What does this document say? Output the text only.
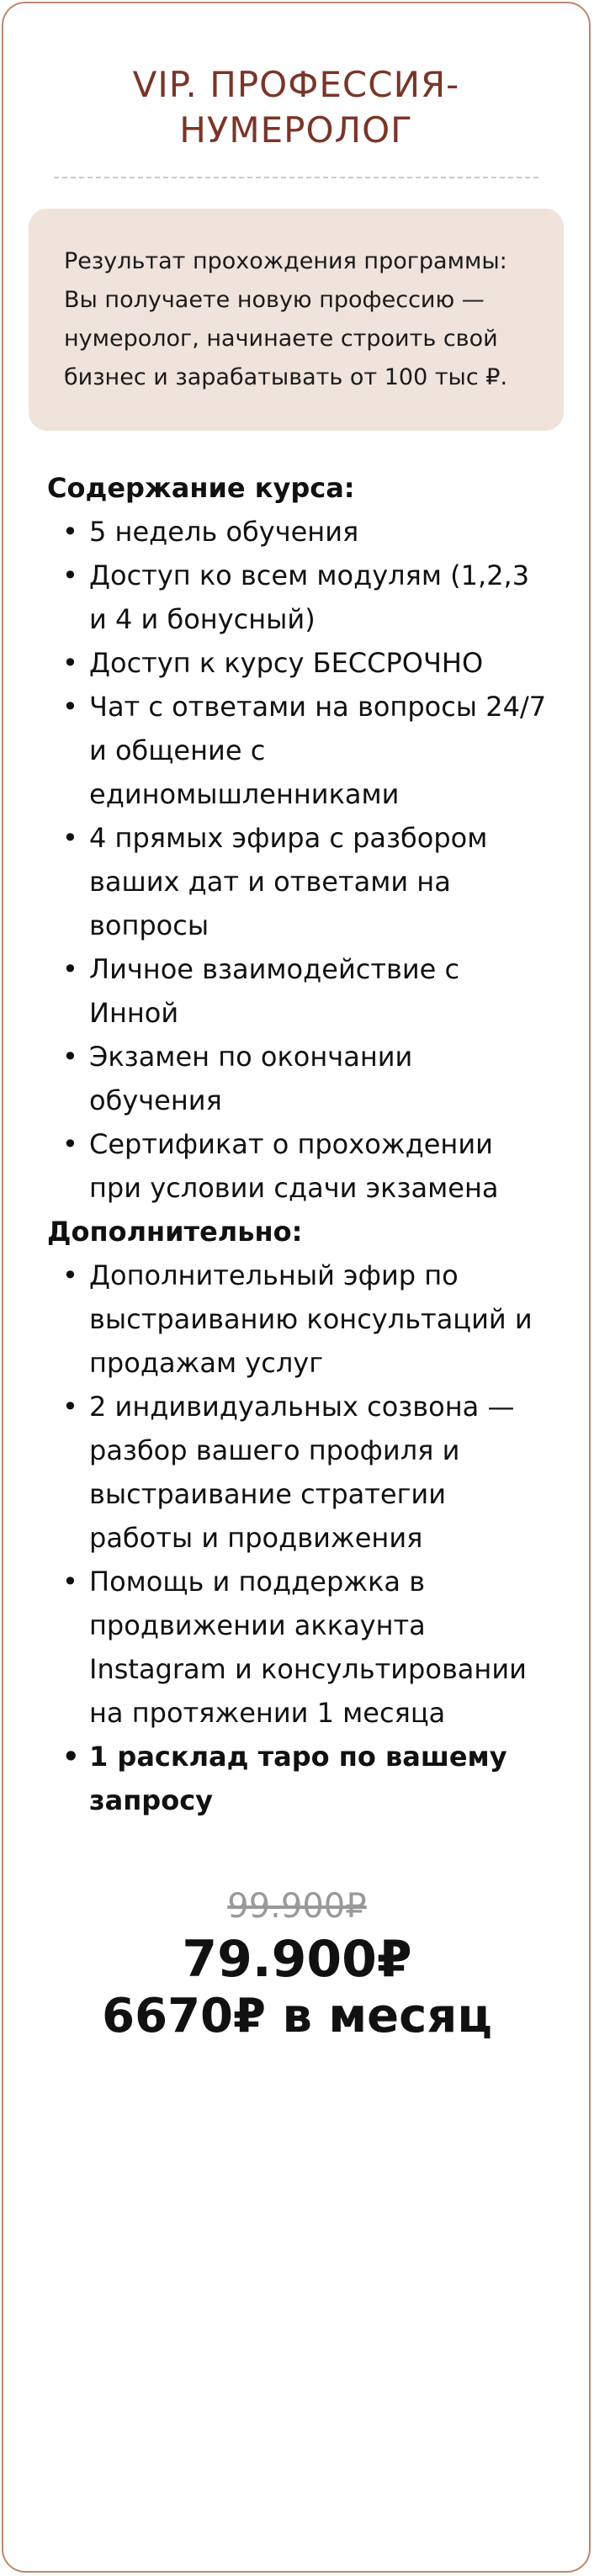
VIP. ПРОФЕССИЯ-
НУМЕРОЛОГ
Результат прохождения программы: Вы получаете новую профессию — нумеролог, начинаете строить свой бизнес и зарабатывать от 100 тыс ₽.

Содержание курса:

• 5 недель обучения
• Доступ ко всем модулям (1,2,3 и 4 и бонусный)
• Доступ к курсу БЕССРОЧНО
• Чат с ответами на вопросы 24/7 и общение с единомышленниками
• 4 прямых эфира с разбором ваших дат и ответами на вопросы
• Личное взаимодействие с Инной
• Экзамен по окончании обучения
• Сертификат о прохождении при условии сдачи экзамена

Дополнительно:

• Дополнительный эфир по выстраиванию консультаций и продажам услуг
• 2 индивидуальных созвона — разбор вашего профиля и выстраивание стратегии работы и продвижения
• Помощь и поддержка в продвижении аккаунта Instagram и консультировании на протяжении 1 месяца
• 1 расклад таро по вашему запросу
99.900₽
79.900₽
6670₽ в месяц
